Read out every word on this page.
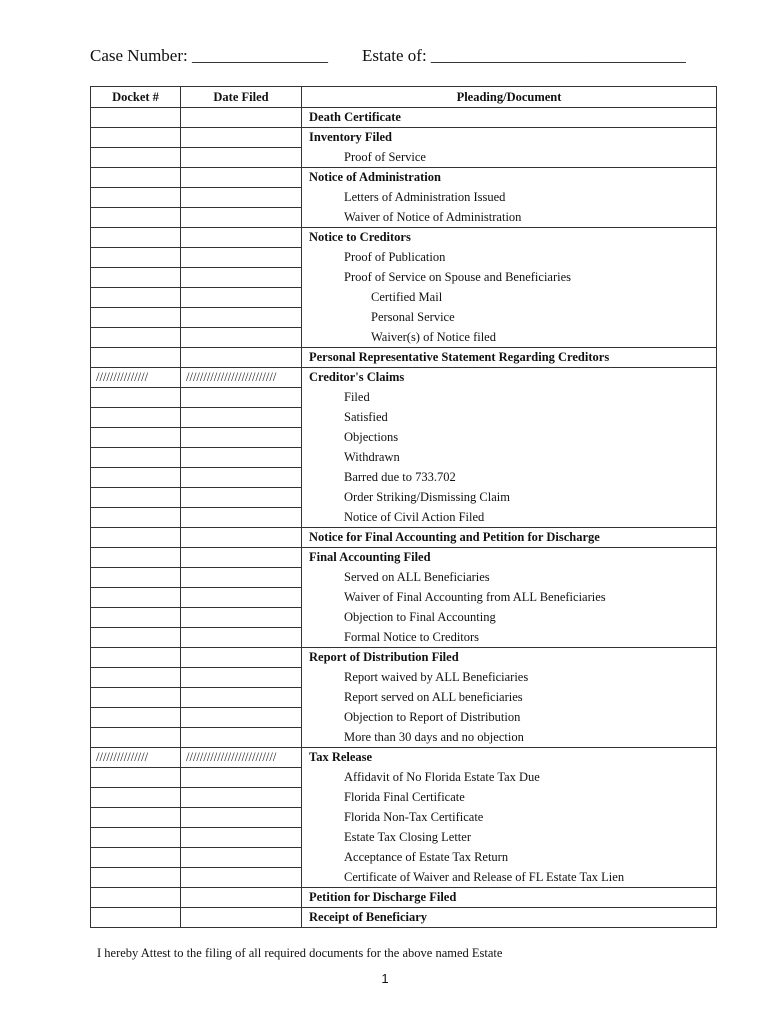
Case Number: ________________ Estate of: ______________________________
Docket #	Date Filed	Pleading/Document
		Death Certificate
		Inventory Filed
		Proof of Service
		Notice of Administration
		Letters of Administration Issued
		Waiver of Notice of Administration
		Notice to Creditors
		Proof of Publication
		Proof of Service on Spouse and Beneficiaries
		Certified Mail
		Personal Service
		Waiver(s) of Notice filed
		Personal Representative Statement Regarding Creditors
///////////////	//////////////////////////	Creditor's Claims
		Filed
		Satisfied
		Objections
		Withdrawn
		Barred due to 733.702
		Order Striking/Dismissing Claim
		Notice of Civil Action Filed
		Notice for Final Accounting and Petition for Discharge
		Final Accounting Filed
		Served on ALL Beneficiaries
		Waiver of Final Accounting from ALL Beneficiaries
		Objection to Final Accounting
		Formal Notice to Creditors
		Report of Distribution Filed
		Report waived by ALL Beneficiaries
		Report served on ALL beneficiaries
		Objection to Report of Distribution
		More than 30 days and no objection
///////////////	//////////////////////////	Tax Release
		Affidavit of No Florida Estate Tax Due
		Florida Final Certificate
		Florida Non-Tax Certificate
		Estate Tax Closing Letter
		Acceptance of Estate Tax Return
		Certificate of Waiver and Release of FL Estate Tax Lien
		Petition for Discharge Filed
		Receipt of Beneficiary
I hereby Attest to the filing of all required documents for the above named Estate
1
